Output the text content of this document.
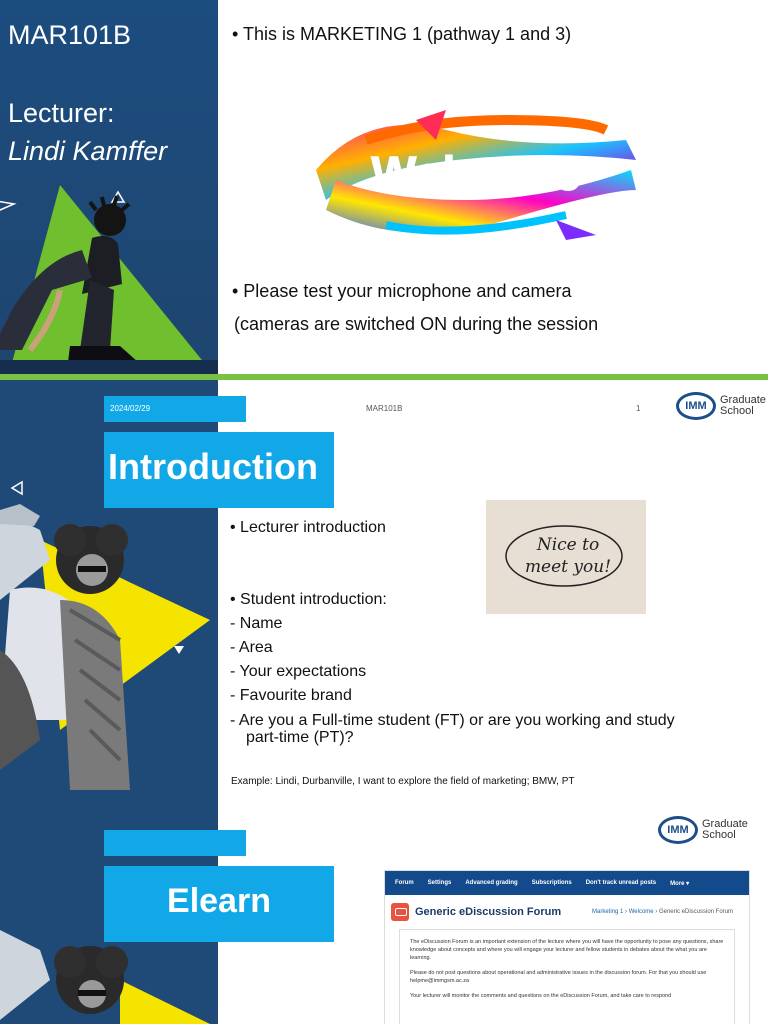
MAR101B
Lecturer:
Lindi Kamffer
• This is MARKETING 1 (pathway 1 and 3)
Welcome
• Please test your microphone and camera
(cameras are switched ON during the session
2024/02/29	MAR101B	1	IMM	Graduate
School
Introduction
• Lecturer introduction
Nice to
meet you!
• Student introduction:
- Name
- Area
- Your expectations
- Favourite brand
- Are you a Full-time student (FT) or are you working and study
part-time (PT)?
Example: Lindi, Durbanville, I want to explore the field of marketing; BMW, PT
IMM	Graduate
School
Elearn	Forum Settings Advanced grading Subscriptions Don't track unread posts More ▾
Generic eDiscussion Forum	Marketing 1 › Welcome › Generic eDiscussion Forum

The eDiscussion Forum is an important extension of the lecture where you will have the opportunity to pose any questions, share knowledge about concepts and where you will engage your lecturer and fellow students in debates about the what you are learning.

Please do not post questions about operational and administrative issues in the discussion forum. For that you should use helpme@immgsm.ac.za

Your lecturer will monitor the comments and questions on the eDiscussion Forum, and take care to respond
